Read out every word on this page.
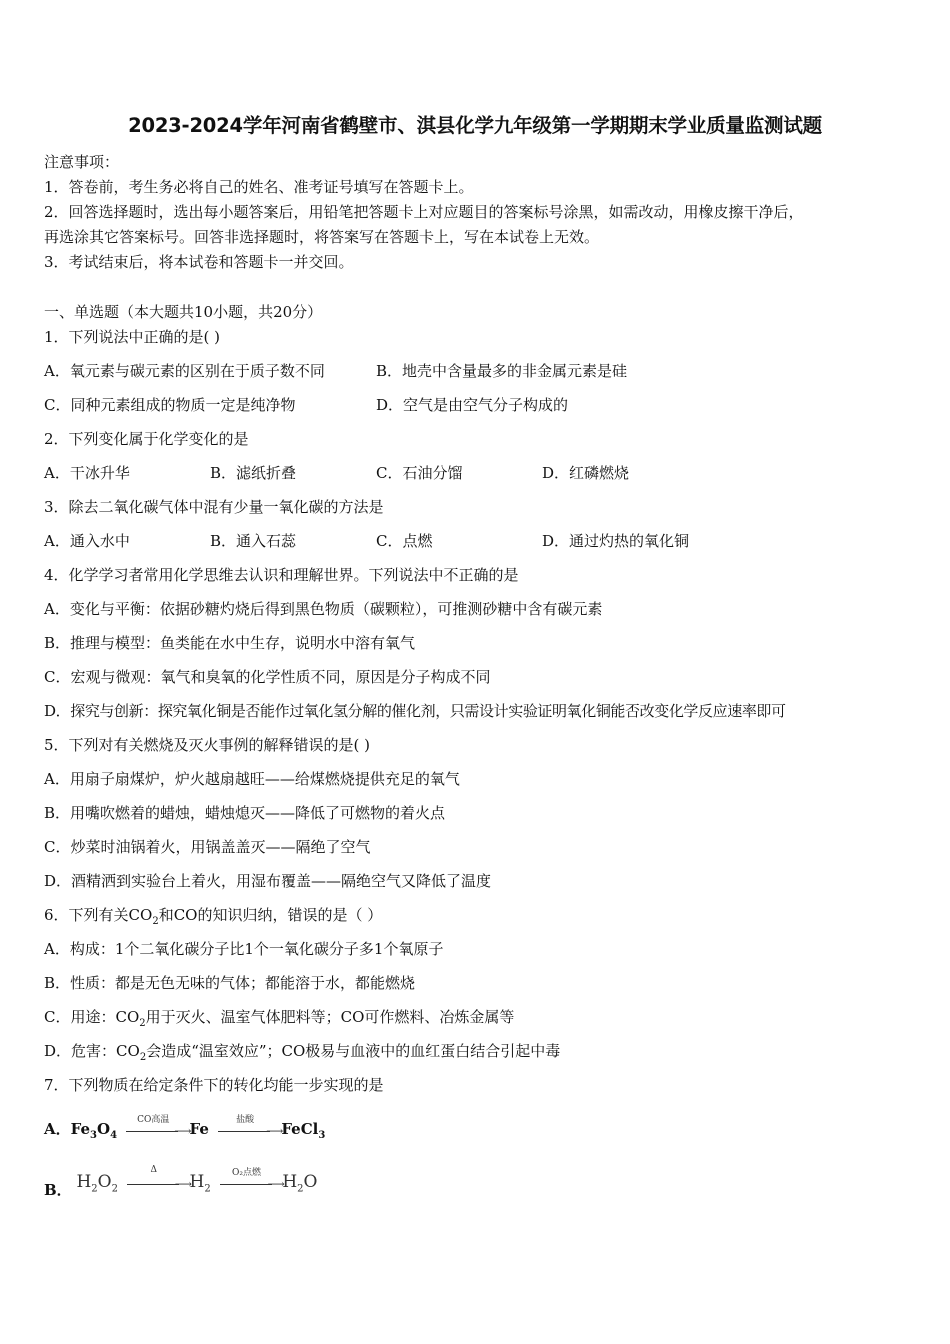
2023-2024学年河南省鹤壁市、淇县化学九年级第一学期期末学业质量监测试题
注意事项：
1．答卷前，考生务必将自己的姓名、准考证号填写在答题卡上。
2．回答选择题时，选出每小题答案后，用铅笔把答题卡上对应题目的答案标号涂黑，如需改动，用橡皮擦干净后，
再选涂其它答案标号。回答非选择题时，将答案写在答题卡上，写在本试卷上无效。
3．考试结束后，将本试卷和答题卡一并交回。
一、单选题（本大题共10小题，共20分）
1．下列说法中正确的是( )
A．氧元素与碳元素的区别在于质子数不同	B．地壳中含量最多的非金属元素是硅
C．同种元素组成的物质一定是纯净物	D．空气是由空气分子构成的
2．下列变化属于化学变化的是
A．干冰升华	B．滤纸折叠	C．石油分馏	D．红磷燃烧
3．除去二氧化碳气体中混有少量一氧化碳的方法是
A．通入水中	B．通入石蕊	C．点燃	D．通过灼热的氧化铜
4．化学学习者常用化学思维去认识和理解世界。下列说法中不正确的是
A．变化与平衡：依据砂糖灼烧后得到黑色物质（碳颗粒），可推测砂糖中含有碳元素
B．推理与模型：鱼类能在水中生存，说明水中溶有氧气
C．宏观与微观：氧气和臭氧的化学性质不同，原因是分子构成不同
D．探究与创新：探究氧化铜是否能作过氧化氢分解的催化剂，只需设计实验证明氧化铜能否改变化学反应速率即可
5．下列对有关燃烧及灭火事例的解释错误的是( )
A．用扇子扇煤炉，炉火越扇越旺——给煤燃烧提供充足的氧气
B．用嘴吹燃着的蜡烛，蜡烛熄灭——降低了可燃物的着火点
C．炒菜时油锅着火，用锅盖盖灭——隔绝了空气
D．酒精洒到实验台上着火，用湿布覆盖——隔绝空气又降低了温度
6．下列有关$CO_2$和CO的知识归纳，错误的是（ ）
A．构成：1个二氧化碳分子比1个一氧化碳分子多1个氧原子
B．性质：都是无色无味的气体；都能溶于水，都能燃烧
C．用途：$CO_2$用于灭火、温室气体肥料等；CO可作燃料、冶炼金属等
D．危害：$CO_2$会造成“温室效应”；CO极易与血液中的血红蛋白结合引起中毒
7．下列物质在给定条件下的转化均能一步实现的是
A．$Fe_3O_4$
CO高温
⟶
Fe	盐酸
⟶
FeCl$_3$
B． $H_2O_2$
Δ
⟶
$H_2$
O₂点燃
⟶
$H_2O$
